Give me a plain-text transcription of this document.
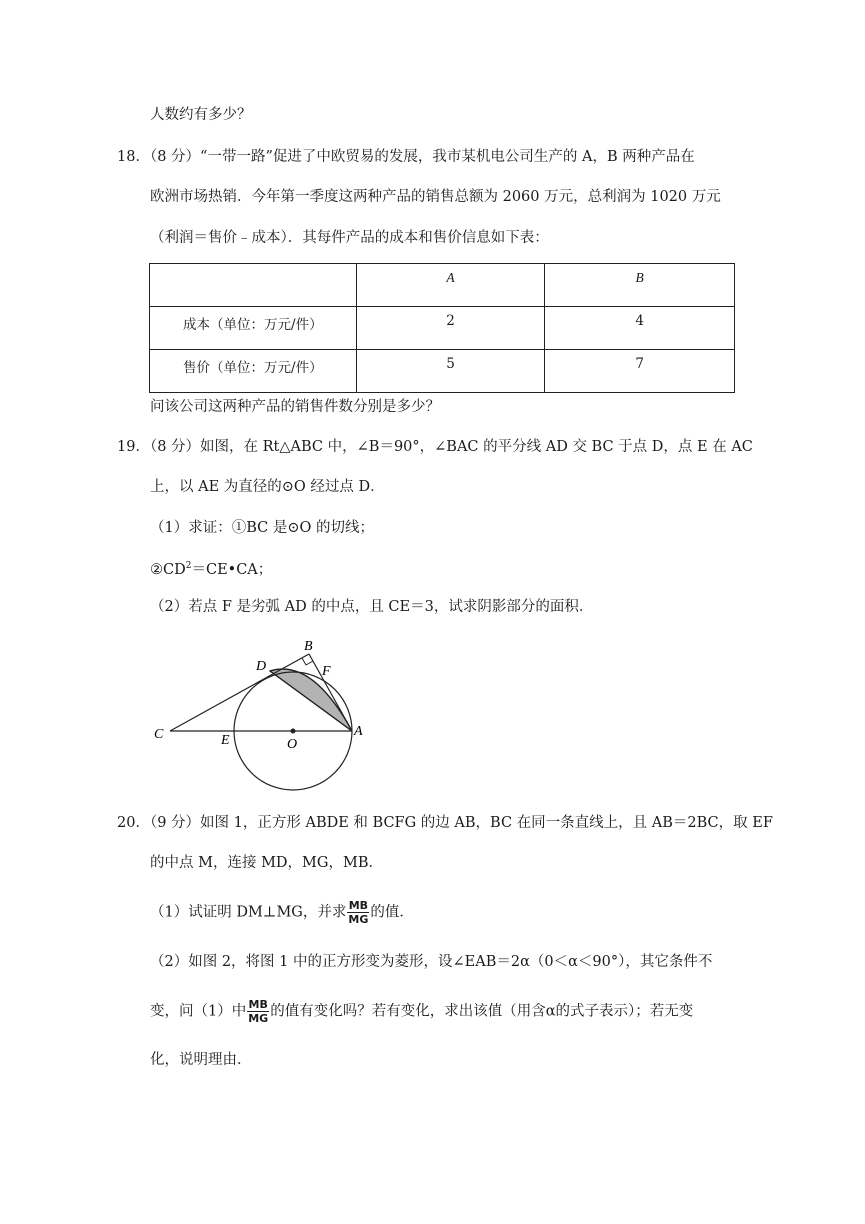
人数约有多少？
18．（8 分）“一带一路”促进了中欧贸易的发展，我市某机电公司生产的 A，B 两种产品在
欧洲市场热销．今年第一季度这两种产品的销售总额为 2060 万元，总利润为 1020 万元
（利润＝售价﹣成本）．其每件产品的成本和售价信息如下表：
	A	B
成本（单位：万元/件）	2	4
售价（单位：万元/件）	5	7
问该公司这两种产品的销售件数分别是多少？
19．（8 分）如图，在 Rt△ABC 中，∠B＝90°，∠BAC 的平分线 AD 交 BC 于点 D，点 E 在 AC
上，以 AE 为直径的⊙O 经过点 D．
（1）求证：①BC 是⊙O 的切线；
$②CD^2=CE•CA$；
（2）若点 F 是劣弧 AD 的中点，且 CE＝3，试求阴影部分的面积．
B
D	F
C	E	O
A
20．（9 分）如图 1，正方形 ABDE 和 BCFG 的边 AB，BC 在同一条直线上，且 AB＝2BC，取 EF
的中点 M，连接 MD，MG，MB．
（1）试证明 DM⊥MG，并求 $\frac{MB}{MG}$ 的值．
（2）如图 2，将图 1 中的正方形变为菱形，设∠EAB＝2α（0＜α＜90°），其它条件不
变，问（1）中 $\frac{MB}{MG}$ 的值有变化吗？若有变化，求出该值（用含α的式子表示）；若无变
化，说明理由．
